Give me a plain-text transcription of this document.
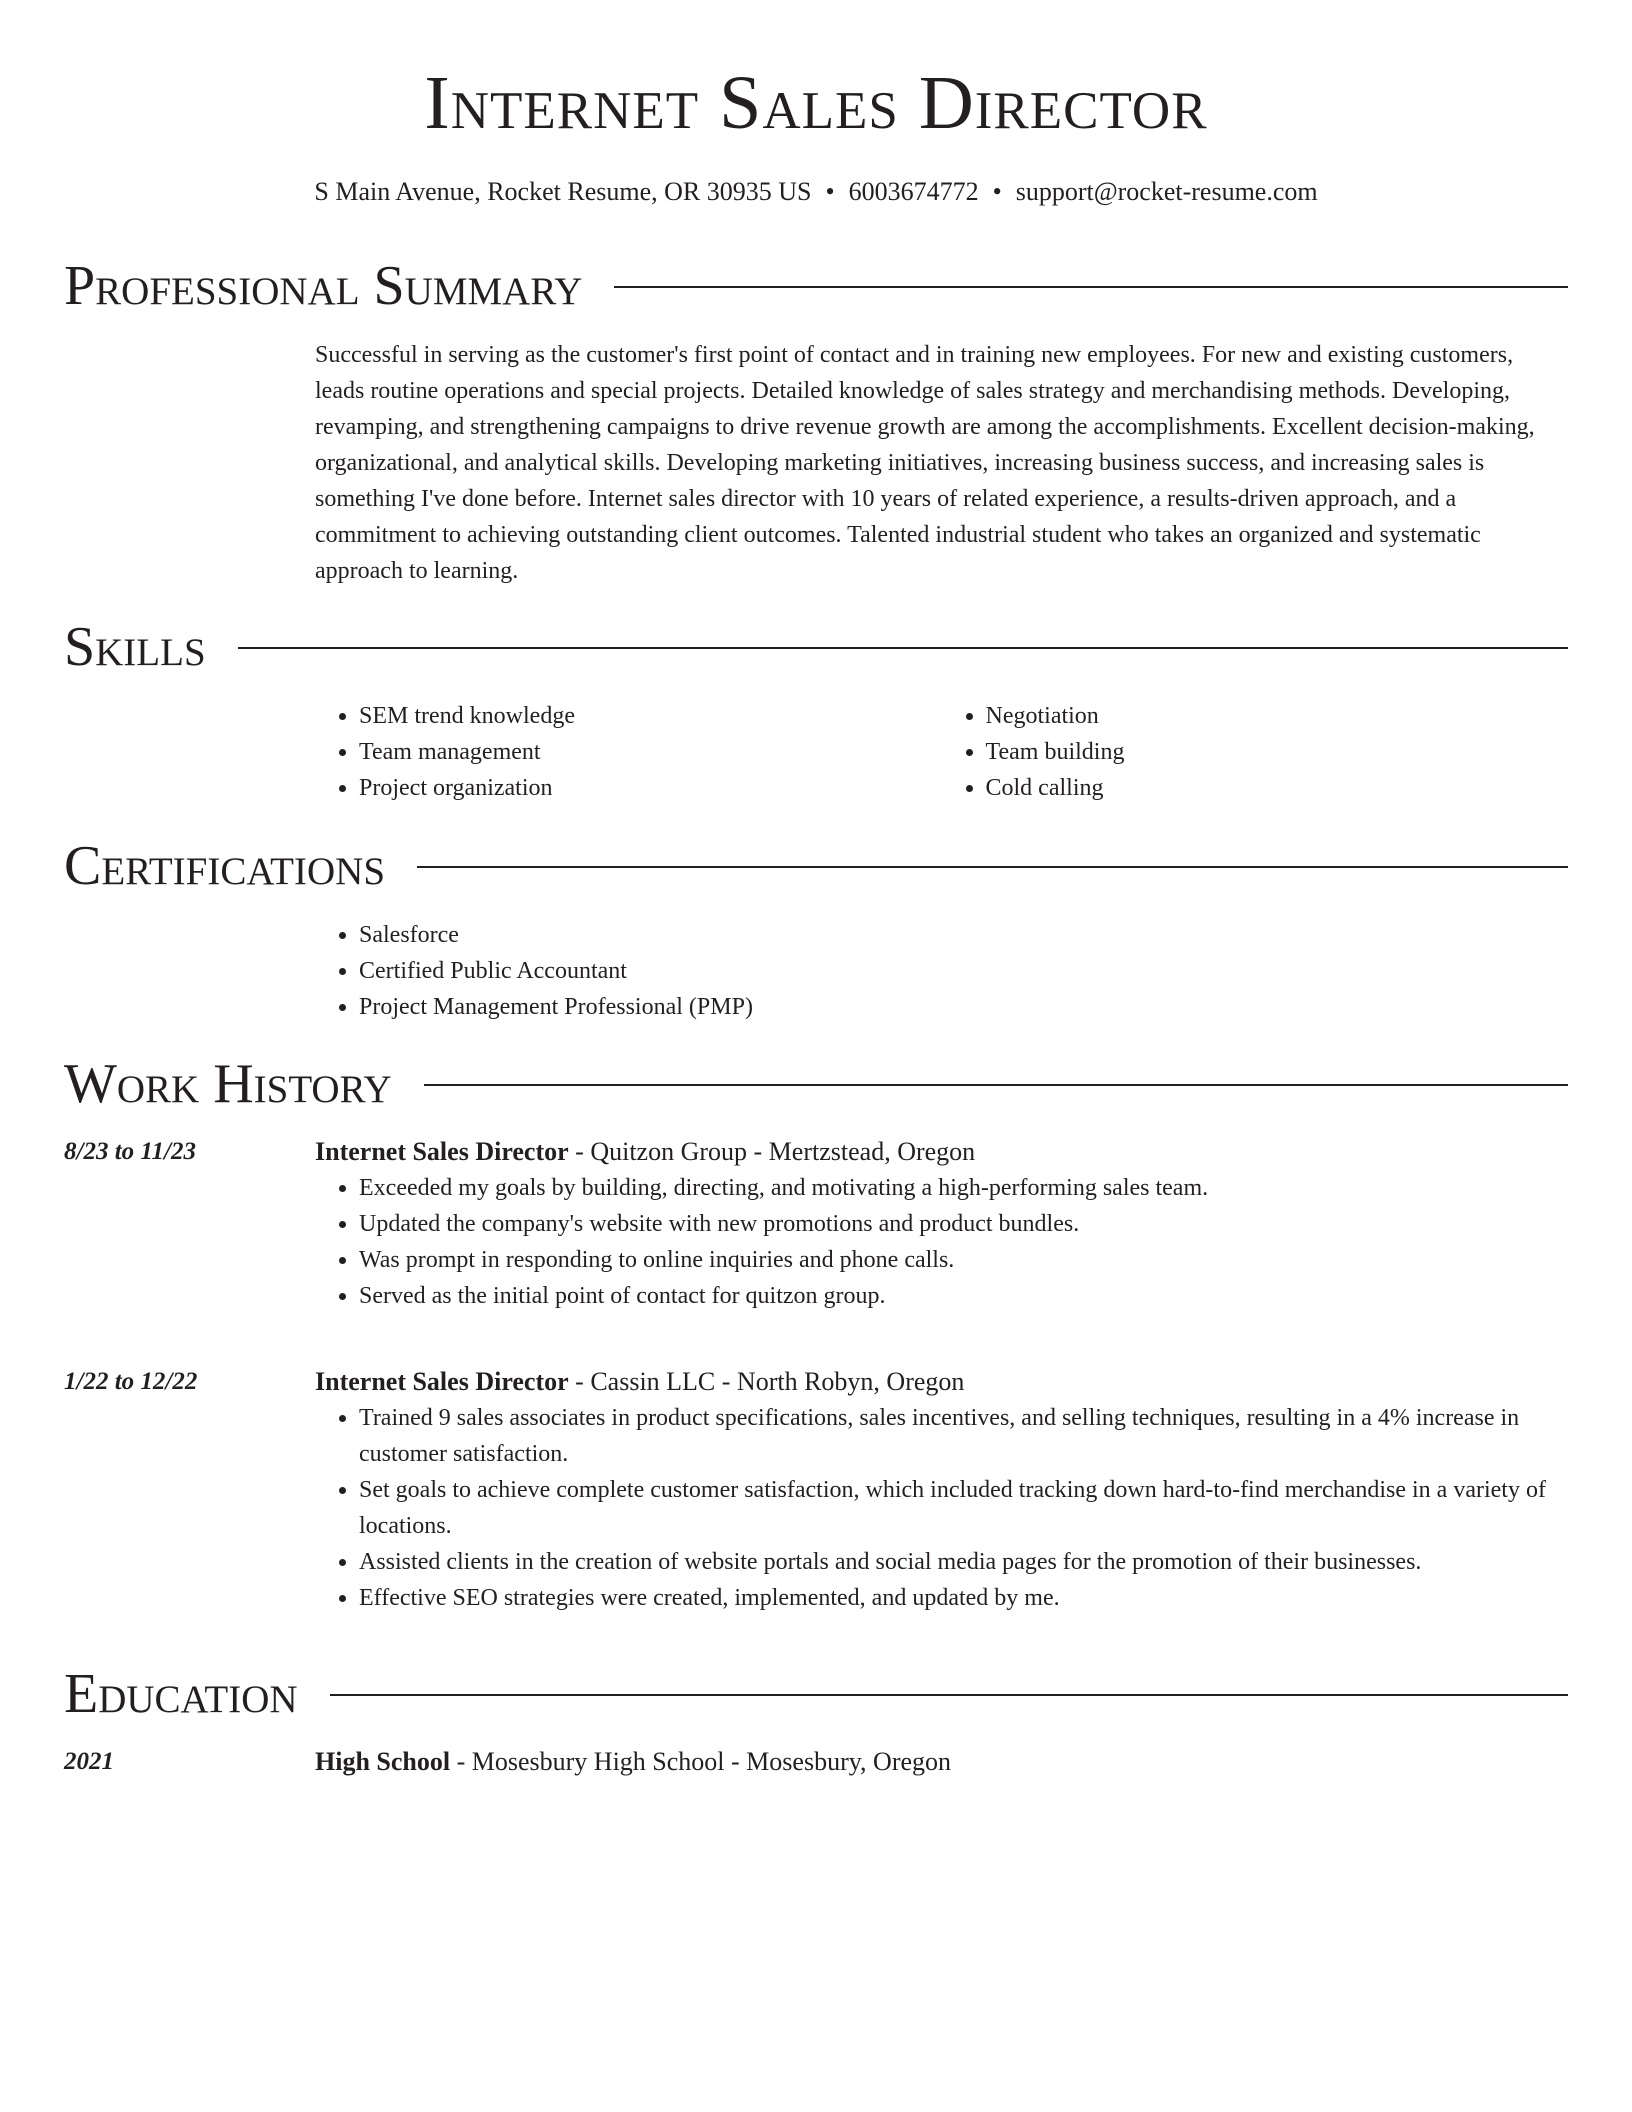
Internet Sales Director
S Main Avenue, Rocket Resume, OR 30935 US • 6003674772 • support@rocket-resume.com
Professional Summary

Successful in serving as the customer's first point of contact and in training new employees. For new and existing customers, leads routine operations and special projects. Detailed knowledge of sales strategy and merchandising methods. Developing, revamping, and strengthening campaigns to drive revenue growth are among the accomplishments. Excellent decision-making, organizational, and analytical skills. Developing marketing initiatives, increasing business success, and increasing sales is something I've done before. Internet sales director with 10 years of related experience, a results-driven approach, and a commitment to achieving outstanding client outcomes. Talented industrial student who takes an organized and systematic approach to learning.

Skills
• SEM trend knowledge
• Team management
• Project organization
• Negotiation
• Team building
• Cold calling
Certifications
• Salesforce
• Certified Public Accountant
• Project Management Professional (PMP)
Work History
8/23 to 11/23	Internet Sales Director - Quitzon Group - Mertzstead, Oregon
• Exceeded my goals by building, directing, and motivating a high-performing sales team.
• Updated the company's website with new promotions and product bundles.
• Was prompt in responding to online inquiries and phone calls.
• Served as the initial point of contact for quitzon group.
1/22 to 12/22	Internet Sales Director - Cassin LLC - North Robyn, Oregon
• Trained 9 sales associates in product specifications, sales incentives, and selling techniques, resulting in a 4% increase in customer satisfaction.
• Set goals to achieve complete customer satisfaction, which included tracking down hard-to-find merchandise in a variety of locations.
• Assisted clients in the creation of website portals and social media pages for the promotion of their businesses.
• Effective SEO strategies were created, implemented, and updated by me.
Education
2021	High School - Mosesbury High School - Mosesbury, Oregon
